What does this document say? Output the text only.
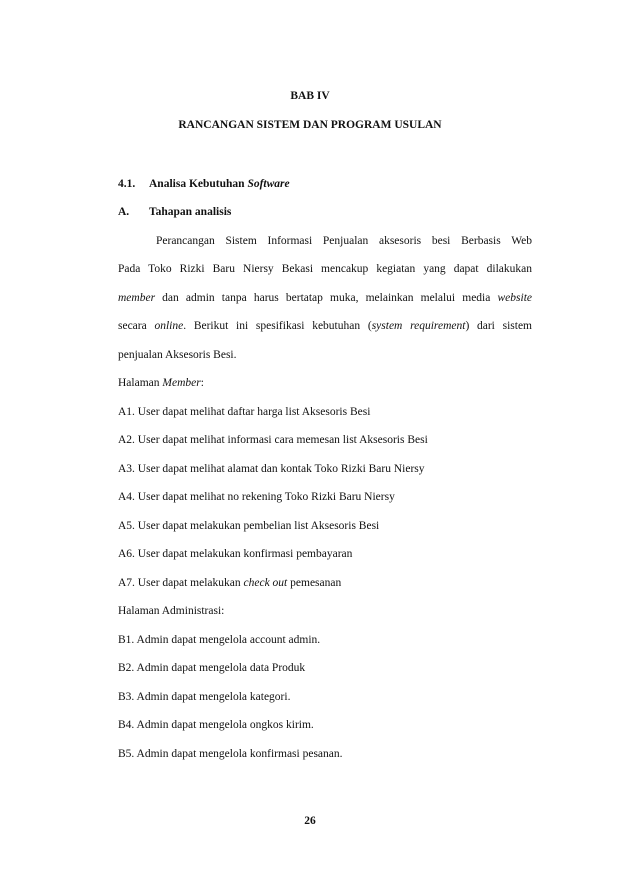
BAB IV
RANCANGAN SISTEM DAN PROGRAM USULAN
4.1. Analisa Kebutuhan Software
A. Tahapan analisis
Perancangan Sistem Informasi Penjualan aksesoris besi Berbasis Web
Pada Toko Rizki Baru Niersy Bekasi mencakup kegiatan yang dapat dilakukan
member dan admin tanpa harus bertatap muka, melainkan melalui media website
secara online. Berikut ini spesifikasi kebutuhan (system requirement) dari sistem
penjualan Aksesoris Besi.
Halaman Member:
A1. User dapat melihat daftar harga list Aksesoris Besi
A2. User dapat melihat informasi cara memesan list Aksesoris Besi
A3. User dapat melihat alamat dan kontak Toko Rizki Baru Niersy
A4. User dapat melihat no rekening Toko Rizki Baru Niersy
A5. User dapat melakukan pembelian list Aksesoris Besi
A6. User dapat melakukan konfirmasi pembayaran
A7. User dapat melakukan check out pemesanan
Halaman Administrasi:
B1. Admin dapat mengelola account admin.
B2. Admin dapat mengelola data Produk
B3. Admin dapat mengelola kategori.
B4. Admin dapat mengelola ongkos kirim.
B5. Admin dapat mengelola konfirmasi pesanan.
26
